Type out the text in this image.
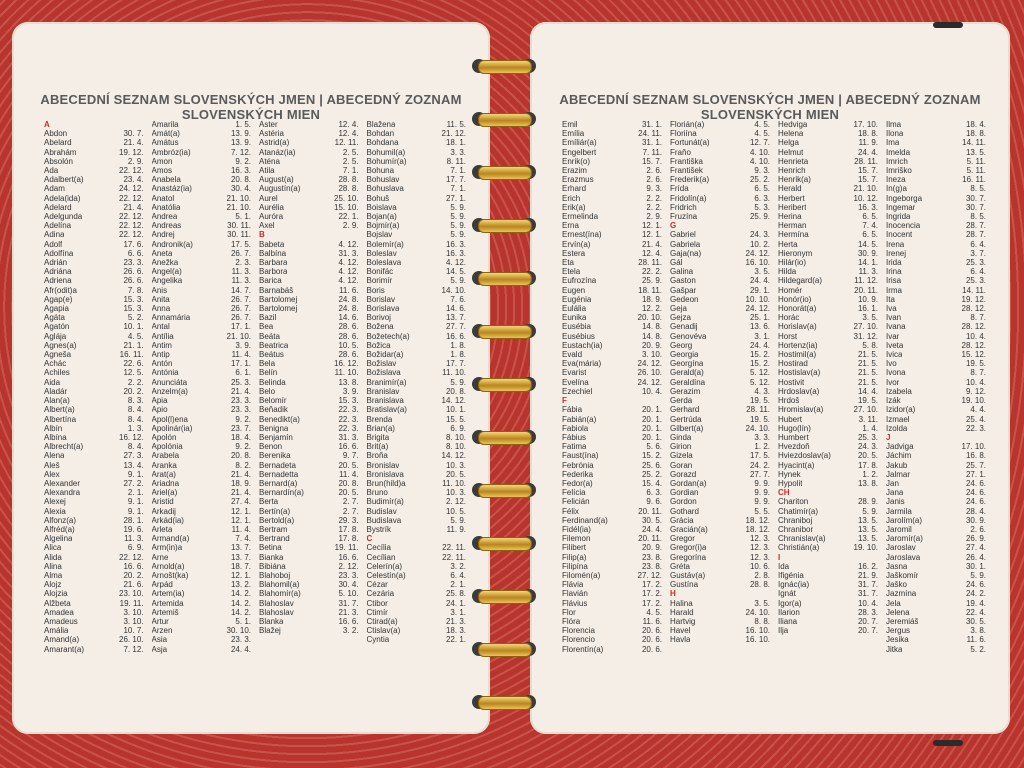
ABECEDNÍ SEZNAM SLOVENSKÝCH JMEN | ABECEDNÝ ZOZNAM SLOVENSKÝCH MIEN
A
Abdon	30. 7.
Abelard	21. 4.
Abrahám	19. 12.
Absolón	2. 9.
Ada	22. 12.
Adalbert(a)	23. 4.
Adam	24. 12.
Adela(ida)	22. 12.
Adelard	21. 4.
Adelgunda	22. 12.
Adelína	22. 12.
Adina	22. 12.
Adolf	17. 6.
Adolfína	6. 6.
Adrián	23. 3.
Adriána	26. 6.
Adriena	26. 6.
Afr(odit)a	7. 8.
Agap(e)	15. 3.
Agapia	15. 3.
Agáta	5. 2.
Agatón	10. 1.
Aglája	4. 5.
Agnes(a)	21. 1.
Agneša	16. 11.
Achác	22. 6.
Achiles	12. 5.
Aida	2. 2.
Aladár	20. 2.
Alan(a)	8. 3.
Albert(a)	8. 4.
Albertína	8. 4.
Albín	1. 3.
Albína	16. 12.
Albrecht(a)	8. 4.
Alena	27. 3.
Aleš	13. 4.
Alex	9. 1.
Alexander	27. 2.
Alexandra	2. 1.
Alexej	9. 1.
Alexia	9. 1.
Alfonz(a)	28. 1.
Alfréd(a)	19. 6.
Algelina	11. 3.
Alica	6. 9.
Alida	22. 12.
Alina	16. 6.
Alma	20. 2.
Alojz	21. 6.
Alojzia	23. 10.
Alžbeta	19. 11.
Amadea	3. 10.
Amadeus	3. 10.
Amália	10. 7.
Amand(a)	26. 10.
Amarant(a)	7. 12.
Amarila	1. 5.
Amát(a)	13. 9.
Amátus	13. 9.
Ambróz(ia)	7. 12.
Amon	9. 2.
Amos	16. 3.
Anabela	20. 8.
Anastáz(ia)	30. 4.
Anatol	21. 10.
Anatólia	21. 10.
Andrea	5. 1.
Andreas	30. 11.
Andrej	30. 11.
Andronik(a)	17. 5.
Aneta	26. 7.
Anežka	2. 3.
Angel(a)	11. 3.
Angelika	11. 3.
Anis	14. 7.
Anita	26. 7.
Anna	26. 7.
Annamária	26. 7.
Antal	17. 1.
Antília	21. 10.
Antim	3. 9.
Antip	11. 4.
Antón	17. 1.
Antónia	6. 1.
Anunciáta	25. 3.
Anzelm(a)	21. 4.
Apia	23. 3.
Apio	23. 3.
Apol(l)ena	9. 2.
Apolinár(ia)	23. 7.
Apolón	18. 4.
Apolónia	9. 2.
Arabela	20. 8.
Aranka	8. 2.
Arat(a)	21. 4.
Ariadna	18. 9.
Ariel(a)	21. 4.
Aristid	27. 4.
Arkadij	12. 1.
Arkád(ia)	12. 1.
Arleta	11. 4.
Armand(a)	7. 4.
Arm(in)a	13. 7.
Arne	13. 7.
Arnold(a)	18. 7.
Arnošt(ka)	12. 1.
Arpád	13. 2.
Artem(ia)	14. 2.
Artemida	14. 2.
Artemiš	14. 2.
Artur	5. 1.
Arzen	30. 10.
Asia	23. 3.
Asja	24. 4.
Aster	12. 4.
Astéria	12. 4.
Astrid(a)	12. 11.
Atanáz(ia)	2. 5.
Aténa	2. 5.
Atila	7. 1.
August(a)	28. 8.
Augustín(a)	28. 8.
Aurel	25. 10.
Aurélia	15. 10.
Auróra	22. 1.
Axel	2. 9.
B
Babeta	4. 12.
Balbína	31. 3.
Barbara	4. 12.
Barbora	4. 12.
Barica	4. 12.
Barnabáš	11. 6.
Bartolomej	24. 8.
Bartolomej	24. 8.
Bazil	14. 6.
Bea	28. 6.
Beáta	28. 6.
Beatrica	10. 5.
Beátus	28. 6.
Bela	16. 12.
Belín	11. 10.
Belinda	13. 8.
Belo	3. 9.
Belomír	15. 3.
Beňadik	22. 3.
Benedikt(a)	22. 3.
Benigna	22. 3.
Benjamín	31. 3.
Benon	16. 6.
Berenika	9. 7.
Bernadeta	20. 5.
Bernadetta	11. 4.
Bernard(a)	20. 8.
Bernardín(a)	20. 5.
Berta	2. 7.
Bertín(a)	2. 7.
Bertold(a)	29. 3.
Bertram	17. 8.
Bertrand	17. 8.
Betina	19. 11.
Bianka	16. 6.
Bibiána	2. 12.
Blahoboj	23. 3.
Blahomil(a)	30. 4.
Blahomír(a)	5. 10.
Blahoslav	31. 7.
Blahoslav	21. 3.
Blanka	16. 6.
Blažej	3. 2.
Blažena	11. 5.
Bohdan	21. 12.
Bohdana	18. 1.
Bohumil(a)	3. 3.
Bohumír(a)	8. 11.
Bohuna	7. 1.
Bohuslav	17. 7.
Bohuslava	7. 1.
Bohuš	27. 1.
Boislava	5. 9.
Bojan(a)	5. 9.
Bojmír(a)	5. 9.
Bojslav	5. 9.
Bolemír(a)	16. 3.
Boleslav	16. 3.
Boleslava	4. 12.
Bonifác	14. 5.
Borimír	5. 9.
Boris	14. 10.
Borislav	7. 6.
Borislava	14. 6.
Borivoj	13. 7.
Božena	27. 7.
Božetech(a)	16. 6.
Božica	1. 8.
Božidar(a)	1. 8.
Božislav	17. 7.
Božislava	11. 10.
Branimír(a)	5. 9.
Branislav	20. 8.
Branislava	14. 12.
Bratislav(a)	10. 1.
Brenda	15. 5.
Brian(a)	6. 9.
Brigita	8. 10.
Brit(a)	8. 10.
Broňa	14. 12.
Bronislav	10. 3.
Bronislava	20. 5.
Brun(hild)a	11. 10.
Bruno	10. 3.
Budimír(a)	2. 12.
Budislav	10. 5.
Budislava	5. 9.
Bystrík	11. 9.
C
Cecília	22. 11.
Cecílian	22. 11.
Celerín(a)	3. 2.
Celestín(a)	6. 4.
Cézar	2. 1.
Cezária	25. 8.
Ctibor	24. 1.
Ctimír	3. 1.
Ctirad(a)	21. 3.
Ctislav(a)	18. 3.
Cyntia	22. 1.
ABECEDNÍ SEZNAM SLOVENSKÝCH JMEN | ABECEDNÝ ZOZNAM SLOVENSKÝCH MIEN
Emil	31. 1.
Emília	24. 11.
Emíliár(a)	31. 1.
Engelbert	7. 11.
Enrik(o)	15. 7.
Erazim	2. 6.
Erazmus	2. 6.
Erhard	9. 3.
Erich	2. 2.
Erik(a)	2. 2.
Ermelinda	2. 9.
Erna	12. 1.
Ernest(ína)	12. 1.
Ervín(a)	21. 4.
Estera	12. 4.
Eta	28. 11.
Etela	22. 2.
Eufrozína	25. 9.
Eugen	18. 11.
Eugénia	18. 9.
Eulália	12. 2.
Eunika	20. 10.
Eusébia	14. 8.
Eusébius	14. 8.
Eustach(ia)	20. 9.
Evald	3. 10.
Eva(mária)	24. 12.
Evarist	26. 10.
Evelína	24. 12.
Ezechiel	10. 4.
F
Fábia	20. 1.
Fabián(a)	20. 1.
Fabiola	20. 1.
Fábius	20. 1.
Fatima	5. 6.
Faust(ína)	15. 2.
Febrónia	25. 6.
Federika	25. 2.
Fedor(a)	15. 4.
Felícia	6. 3.
Felicián	9. 6.
Félix	20. 11.
Ferdinand(a)	30. 5.
Fidél(ia)	24. 4.
Filemon	20. 11.
Filibert	20. 9.
Filip(a)	23. 8.
Filipína	23. 8.
Filomén(a)	27. 12.
Flávia	17. 2.
Flavián	17. 2.
Flávius	17. 2.
Flor	4. 5.
Flóra	11. 6.
Florencia	20. 6.
Florencio	20. 6.
Florentín(a)	20. 6.
Florián(a)	4. 5.
Floriína	4. 5.
Fortunát(a)	12. 7.
Fraňo	4. 10.
Františka	4. 10.
František	9. 3.
Frederik(a)	25. 2.
Frída	6. 5.
Fridolín(a)	6. 3.
Fridrich	5. 3.
Fruzína	25. 9.
G
Gabriel	24. 3.
Gabriela	10. 2.
Gaja(na)	24. 12.
Gál	16. 10.
Galina	3. 5.
Gaston	24. 4.
Gašpar	29. 1.
Gedeon	10. 10.
Geja	24. 12.
Gejza	25. 1.
Genadij	13. 6.
Genovéva	3. 1.
Georg	24. 4.
Georgia	15. 2.
Georgína	15. 2.
Gerald(a)	5. 12.
Geraldína	5. 12.
Gerazim	4. 3.
Gerda	19. 5.
Gerhard	28. 11.
Gertrúda	19. 5.
Gilbert(a)	24. 10.
Ginda	3. 3.
Girion	1. 2.
Gizela	17. 5.
Goran	24. 2.
Gorazd	27. 7.
Gordan(a)	9. 9.
Gordian	9. 9.
Gordon	9. 9.
Gothard	5. 5.
Grácia	18. 12.
Gracián(a)	18. 12.
Gregor	12. 3.
Gregor(i)a	12. 3.
Gregorína	12. 3.
Gréta	10. 6.
Gustáv(a)	2. 8.
Gustína	28. 8.
H
Halina	3. 5.
Harald	24. 10.
Hartvig	8. 8.
Havel	16. 10.
Havla	16. 10.
Hedviga	17. 10.
Helena	18. 8.
Helga	11. 9.
Helmut	24. 4.
Henrieta	28. 11.
Henrich	15. 7.
Henrik(a)	15. 7.
Herald	21. 10.
Herbert	10. 12.
Heribert	16. 3.
Herina	6. 5.
Herman	7. 4.
Hermína	6. 5.
Herta	14. 5.
Hieronym	30. 9.
Hilár(io)	14. 1.
Hilda	11. 3.
Hildegard(a)	11. 12.
Homér	20. 11.
Honór(io)	10. 9.
Honorát(a)	16. 1.
Horác	3. 5.
Horislav(a)	27. 10.
Horst	31. 12.
Hortenz(ia)	5. 8.
Hostimil(a)	21. 5.
Hostirad	21. 5.
Hostislav(a)	21. 5.
Hostivit	21. 5.
Hrdoslav(a)	14. 4.
Hrdoš	19. 5.
Hromislav(a)	27. 10.
Hubert	3. 11.
Hugo(lín)	1. 4.
Humbert	25. 3.
Hvezdoň	24. 3.
Hviezdoslav(a)	20. 5.
Hyacint(a)	17. 8.
Hynek	1. 2.
Hypolit	13. 8.
CH
Chariton	28. 9.
Chatimír(a)	5. 9.
Chraniboj	13. 5.
Chranibor	13. 5.
Chranislav(a)	13. 5.
Christián(a)	19. 10.
I
Ida	16. 2.
Ifigénia	21. 9.
Ignác(ia)	31. 7.
Ignát	31. 7.
Igor(a)	10. 4.
Ilarion	28. 3.
Iliana	20. 7.
Ilja	20. 7.
Ilma	18. 4.
Ilona	18. 8.
Ima	14. 11.
Imelda	13. 5.
Imrich	5. 11.
Imriško	5. 11.
Ineza	16. 11.
In(g)a	8. 5.
Ingeborga	30. 7.
Ingemar	30. 7.
Ingrida	8. 5.
Inocencia	28. 7.
Inocent	28. 7.
Irena	6. 4.
Irenej	3. 7.
Irida	25. 3.
Irina	6. 4.
Irisa	25. 3.
Irma	14. 11.
Ita	19. 12.
Iva	28. 12.
Ivan	8. 7.
Ivana	28. 12.
Ivar	10. 4.
Iveta	28. 12.
Ivica	15. 12.
Ivo	19. 5.
Ivona	8. 7.
Ivor	10. 4.
Izabela	9. 12.
Izák	19. 10.
Izidor(a)	4. 4.
Izmael	25. 4.
Izolda	22. 3.
J
Jadviga	17. 10.
Jáchim	16. 8.
Jakub	25. 7.
Jalmar	27. 1.
Jan	24. 6.
Jana	24. 6.
Janis	24. 6.
Jarmila	28. 4.
Jarolím(a)	30. 9.
Jaromil	2. 6.
Jaromír(a)	26. 9.
Jaroslav	27. 4.
Jaroslava	26. 4.
Jasna	30. 1.
Jaškomír	5. 9.
Jaško	24. 6.
Jazmína	24. 2.
Jela	19. 4.
Jelena	22. 4.
Jeremiáš	30. 5.
Jergus	3. 8.
Jesika	11. 6.
Jitka	5. 2.
